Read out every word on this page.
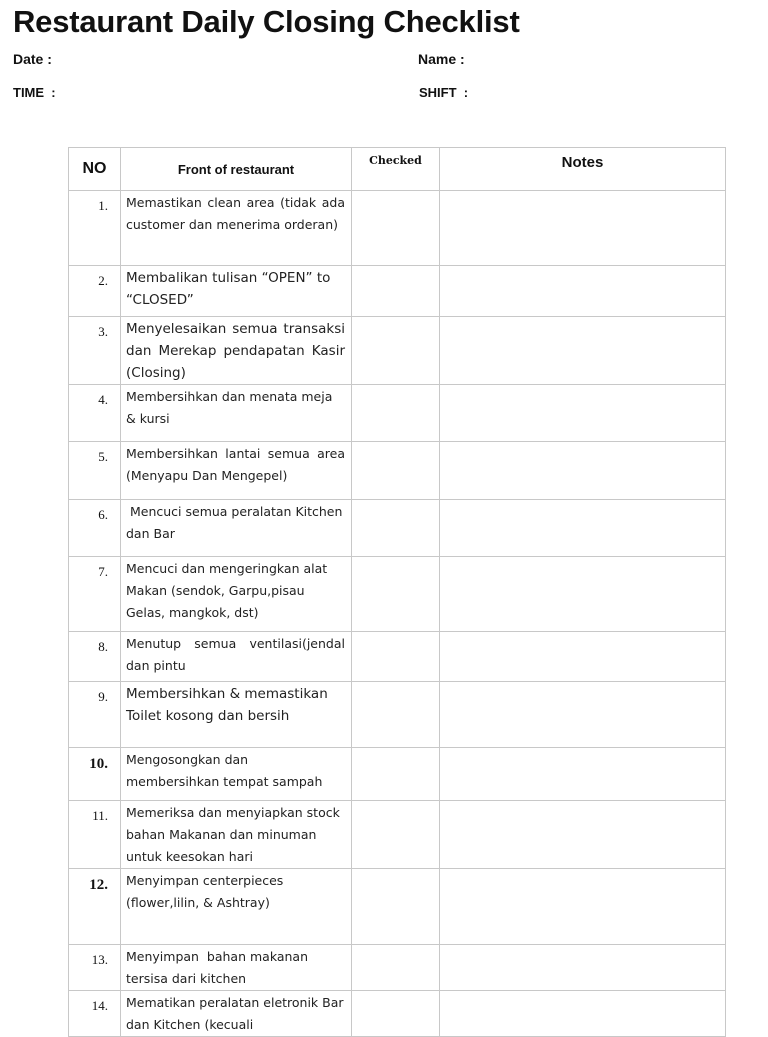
Restaurant Daily Closing Checklist
Date :	Name :
TIME  :	SHIFT  :
NO	Front of restaurant	Checked	Notes
1.	Memastikan clean area (tidak ada customer dan menerima orderan)		
2.	Membalikan tulisan “OPEN” to “CLOSED”		
3.	Menyelesaikan semua transaksi dan Merekap pendapatan Kasir (Closing)		
4.	Membersihkan dan menata meja & kursi		
5.	Membersihkan lantai semua area (Menyapu Dan Mengepel)		
6.	Mencuci semua peralatan Kitchen dan Bar		
7.	Mencuci dan mengeringkan alat Makan (sendok, Garpu,pisau Gelas, mangkok, dst)		
8.	Menutup semua ventilasi(jendal dan pintu		
9.	Membersihkan & memastikan Toilet kosong dan bersih		
10.	Mengosongkan dan membersihkan tempat sampah		
11.	Memeriksa dan menyiapkan stock bahan Makanan dan minuman untuk keesokan hari		
12.	Menyimpan centerpieces (flower,lilin, & Ashtray)		
13.	Menyimpan  bahan makanan tersisa dari kitchen		
14.	Mematikan peralatan eletronik Bar dan Kitchen (kecuali		
